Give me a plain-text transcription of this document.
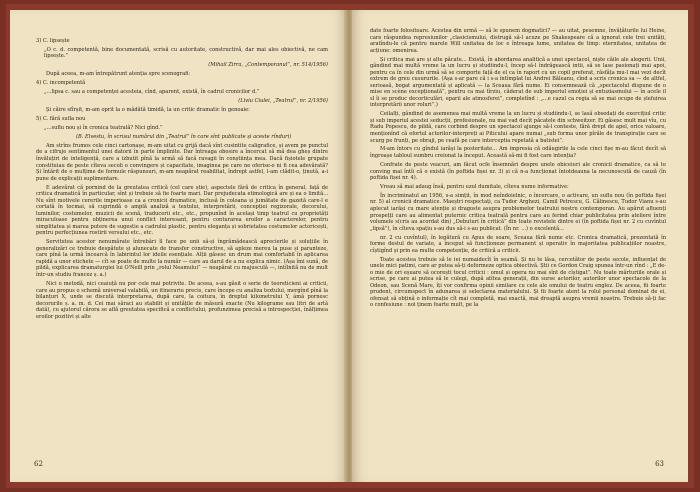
3) C. lipsește

„O c. d. competentă, bine documentată, scrisă cu autoritate, constructivă, dar mai ales obiectivă, ne cam lipsește.”

(Mihail Zirra, „Contemporanul”, nr. 514/1956)

După aceea, m-am întrepătrunt atenția spre scenografi:

4) C. incompetentă

„...lipsa c. sau a competenței acesteia, cînd, aparent, există, în cadrul cronicilor d.”

(Liviu Ciulei, „Teatrul”, nr. 2/1956)

Și căire sfîrșit, m-am oprit la o mădătă timidă, la un critic dramatic în genoaie:

5) C. fără sufla nou

„...suflu nou și în cronica teatrală? Nici gînd.”

(B. Elvestu, în scrisul numărul din „Teatrul” în care sînt publicate și aceste rînduri)

Am strîns frumos cele cinci cartonașe, m-am uitat cu grijă dacă sînt cusintite caligrafice, și avem pe punctul de a cifruje sentimentul unei datorii în parte împlinite. Dar întreaga obosire a încercat să mă dea gheș dintre învăluțiri de inteligență, care a izbutit pînă la urmă să facă ravagii în conștiința mea. Dacă fișiotele grupate constituiau de peste cîteva secoli o convingere și capacitate, imaginea pe care ne oferise-o ni fi cea adevărată? Și întărit de o mulțime de formule răspunsuri, m-am neapărat reabilitat, îndrept astfel, l-am clădit-o, ținută, a-i pune de explicații suplimentare.

E adevărat că pornind de la greutatea critică (cel care știe), aspectele fără de critica în general, față de critica dramatică în particular, sînt și trebuie să fie foarte mari. Dar prejudecata etimologică are și ea o limită... Nu sînt motivele cererile imperioase ca a cronicii dramatice, inclusă în coloana și jumătate de gazetă care-l e cortată în tocmai, să cuprindă o amplă analiză a textului, interpretării, concepției regizorale, decorului, luminilor, costumelor, muzicii de scenă, traducerii etc., etc., propunînd în același timp teatrul cu proprietăți miraculoase pentru obținerea unui conflict interesant, pentru conturarea eroilor a caracterelor, pentru simplitatea și marea putere de sugestie a cadrului plastic, pentru eleganța și sobrietatea costumelor actoricești, pentru perfecțiunea rostirii versului etc., etc.

Servitutea acestor nenumărate întrebări îl face pe unii să-și îngrămădească aprecierile și soluțiile în generalizări ce trebuie despătute și alunecate de transfer constructive, să apleze mereu la puse și paranteze, care pînă la urmă încearcă în labirintul lor ideile esențiale. Alții găsesc un drum mai comfortabil în aplicarea rapidă a unor etichete — cît se poate de multe la număr — care au darul de a nu explica nimic. (Așa îmi sună, de pildă, explicarea dramaturgiei lui O'Neill prin „rolul Neamului” — neapărat cu majusculă —, intîlnită nu de mult într-un studiu francez ș. a.)

Nici o metodă, nici ceaiuță nu por cele mai potrivite. De aceea, s-au găsit o serie de teoreticieni ai criticii, care au propus o schemă universal valabilă, un itinerariu precis, care începe cu analiza textului, mergînd pînă la bilanțuri X, unde se discută interpretarea, după care, la coitura, în dreptul kilometrului Y, ámă pornesc decorurile ș. a. m. d. Cei mai săraci au stabilit și unitățile de măsură exacte (Nu kilograme sau litri de artă dată), cu ajutorul cărora se află greutatea specifică a conflictului, profunzimea precisă a introspecției, înălțimea eroilor pozitivi și alte

62

date foarte folositoare. Acestea din urmă — să le spunem dogmatici? — au uitat, pesemne, învățăturile lui Heine, care răspundea represiunilor „clasicismului, distrugă să-l acuze pe Shakespeare că a ignorat cele trei unități, aratîndu-le că pentru marele Will unitatea de loc e întreaga lume, unitatea de timp: eternitatea, unitatea de acțiune: omenirea.

Și critica mai are și alte păcate... Există, în abordarea analitică a unei spectacol, niște căile ale alegerii. Unii, găndind mai multă vreme la un lucru și studiindu-l, încep să-l îndrăgească intii, să se lase pasionați mai apoi, pentru ca în cele din urmă să se comporte față de el ca în raport cu un copil preferat, răsfăța mu-l mai vezi decît extrem de greu cusururile. (Așa s-ar pare că i s-a întîmplat lui Andrei Băleanu, cînd a scris cronica sa — de altfel, serioasă, bogat argumentată și aplicată — la Sceaua fără nume. Ei consemnează că „spectacolul dispune de o mise en scène excepționată”, pentru ca mai tîrziu, căderat de sub imperiul emoției și entuziasmului — în acele il sl îi se produc decorticulări, eparii ale atmosferei”, completînd : „...e cazul ca regia să se mai ocupe de șlefuirea interpretării unor roluri”.)

Ceilalți, găndind de asemenea mai multă vreme la un lucru și studiindu-l, se lasă obsedați de exercițiul critic și sub imperiul acestei seducții, profesionale, nu mai vad decît păcatele din schweitzer. Ei găsesc mult mai vîu, cu Radu Popescu, de pildă, care corbind despre un spectacol ajunge să-l conteste, fără drept de apel, orice valoare, menționînd că efortul actorilor-interpreți ai Piticului apare numai „sub forma unor pîrăle de transpirație care se scurg pe frunți, pe obraji, pe ceafă pe care interceptia repetată a batistei”.

M-am întors cu gîndul iarăși la posteritate... Am impresia că odăugirile la cele cinci fișe m-au făcut decît să îngroașe tabloul sumbru creionat la început. Această să-mi fi fost care intenția?

Confrate de peste veacuri, am făcut ocfe însemnări despre unele obiceiuri ale cronicii dramatice, ca să te conving mai întîi că o există (în poftida fișei nr. 3) și că n-a funcționat întotdeauna la necunoscută de cauză (în poftida fișei nr. 4).

Vreau să mai adaug însă, pentru uzul dumitale, cîteva nume informative:

În incriminatul an 1956, s-a simțit, în mod neîndoielnic, o încercare, o activare, un suflu nou (în poftida fișei nr. 5) al cronicii dramatice. Maeștri respectați, ca Tudor Arghezi, Camil Petrescu, G. Călinescu, Tudor Vianu s-au aplecat iarăși cu mare atenție și dragoste asupra problemelor teatrului nostru contemporan. Au apărut afluenți prospețți care au alimentat puternic critica teatrală pentru care au ferind chiar publicitatea prin ateliere între volumele s(cris au acordat din) „Debuturi în critică” din toate revistele dintre ei (în poftida fișei nr. 2 cu cuvîntul „lipsă”), în cîteva spațiu s-au dus să-i s-au publicat. (În nr. ...) o excelentă...

nr. 2 cu cuvîntul), în legătură cu Apus de soare, Sceaua fără nume etc. Cronica dramatică, prezentată în forme destul de variate, a început să funcționeze permanent și operativ în majoritatea publicațiilor noastre, cîștigînd și prin ea multe competenție, de critică a criticii.

Toate acestea trebuie să le iei numaidecît în seamă. Și nu te lăsa, cercetător de peste secole, influențat de unele mici patimi, care ar putea să-ți deformeze optica obiectivă. Știi ce Gordon Craig spunea într-un rînd : „E de-o mie de ori eșuare să ocorești tocul criticii : omul și opera nu mai sînt de cîștigat”. Nu toate mărturiile orale și scrise, pe care ai putea să le culegi, după atîtea generații, din surse actorilor, autorilor unor spectacole de la Odeon, sau Scenă Mare, îți vor confirma opinii similare cu cele ale omului de teatru englez. De aceea, fii foarte prudent, circumspect în adunarea și selectarea materialului. Și fii foarte atent la rolul personal dominat de ei, ofensat să obțină o informație cît mai completă, mai exactă, mai dreaptă asupra vremii noastre. Trebuie să-ți fac o confesiune : noi ținem foarte mult, pe la

63
